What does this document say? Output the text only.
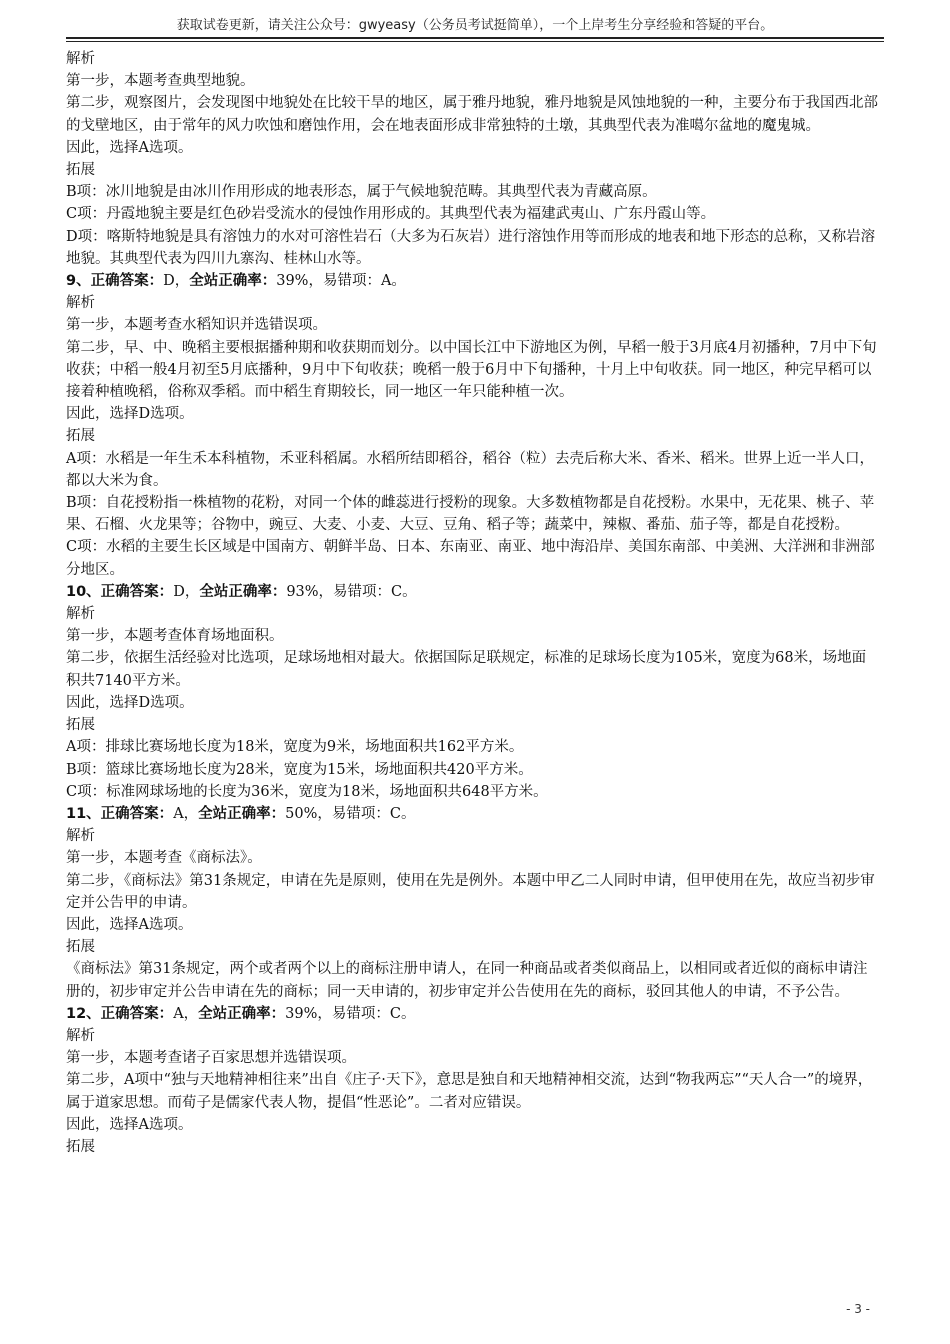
获取试卷更新，请关注公众号：gwyeasy（公务员考试挺简单），一个上岸考生分享经验和答疑的平台。

解析

第一步，本题考查典型地貌。

第二步，观察图片，会发现图中地貌处在比较干旱的地区，属于雅丹地貌，雅丹地貌是风蚀地貌的一种，主要分布于我国西北部的戈壁地区，由于常年的风力吹蚀和磨蚀作用，会在地表面形成非常独特的土墩，其典型代表为准噶尔盆地的魔鬼城。

因此，选择A选项。

拓展

B项：冰川地貌是由冰川作用形成的地表形态，属于气候地貌范畴。其典型代表为青藏高原。

C项：丹霞地貌主要是红色砂岩受流水的侵蚀作用形成的。其典型代表为福建武夷山、广东丹霞山等。

D项：喀斯特地貌是具有溶蚀力的水对可溶性岩石（大多为石灰岩）进行溶蚀作用等而形成的地表和地下形态的总称，又称岩溶地貌。其典型代表为四川九寨沟、桂林山水等。

9、正确答案：D，全站正确率：39%，易错项：A。

解析

第一步，本题考查水稻知识并选错误项。

第二步，早、中、晚稻主要根据播种期和收获期而划分。以中国长江中下游地区为例，早稻一般于3月底4月初播种，7月中下旬收获；中稻一般4月初至5月底播种，9月中下旬收获；晚稻一般于6月中下旬播种，十月上中旬收获。同一地区，种完早稻可以接着种植晚稻，俗称双季稻。而中稻生育期较长，同一地区一年只能种植一次。

因此，选择D选项。

拓展

A项：水稻是一年生禾本科植物，禾亚科稻属。水稻所结即稻谷，稻谷（粒）去壳后称大米、香米、稻米。世界上近一半人口，都以大米为食。

B项：自花授粉指一株植物的花粉，对同一个体的雌蕊进行授粉的现象。大多数植物都是自花授粉。水果中，无花果、桃子、苹果、石榴、火龙果等；谷物中，豌豆、大麦、小麦、大豆、豆角、稻子等；蔬菜中，辣椒、番茄、茄子等，都是自花授粉。

C项：水稻的主要生长区域是中国南方、朝鲜半岛、日本、东南亚、南亚、地中海沿岸、美国东南部、中美洲、大洋洲和非洲部分地区。

10、正确答案：D，全站正确率：93%，易错项：C。

解析

第一步，本题考查体育场地面积。

第二步，依据生活经验对比选项，足球场地相对最大。依据国际足联规定，标准的足球场长度为105米，宽度为68米，场地面积共7140平方米。

因此，选择D选项。

拓展

A项：排球比赛场地长度为18米，宽度为9米，场地面积共162平方米。

B项：篮球比赛场地长度为28米，宽度为15米，场地面积共420平方米。

C项：标准网球场地的长度为36米，宽度为18米，场地面积共648平方米。

11、正确答案：A，全站正确率：50%，易错项：C。

解析

第一步，本题考查《商标法》。

第二步，《商标法》第31条规定，申请在先是原则，使用在先是例外。本题中甲乙二人同时申请，但甲使用在先，故应当初步审定并公告甲的申请。

因此，选择A选项。

拓展

《商标法》第31条规定，两个或者两个以上的商标注册申请人，在同一种商品或者类似商品上，以相同或者近似的商标申请注册的，初步审定并公告申请在先的商标；同一天申请的，初步审定并公告使用在先的商标，驳回其他人的申请，不予公告。

12、正确答案：A，全站正确率：39%，易错项：C。

解析

第一步，本题考查诸子百家思想并选错误项。

第二步，A项中“独与天地精神相往来”出自《庄子·天下》，意思是独自和天地精神相交流，达到“物我两忘”“天人合一”的境界，属于道家思想。而荀子是儒家代表人物，提倡“性恶论”。二者对应错误。

因此，选择A选项。

拓展

- 3 -
